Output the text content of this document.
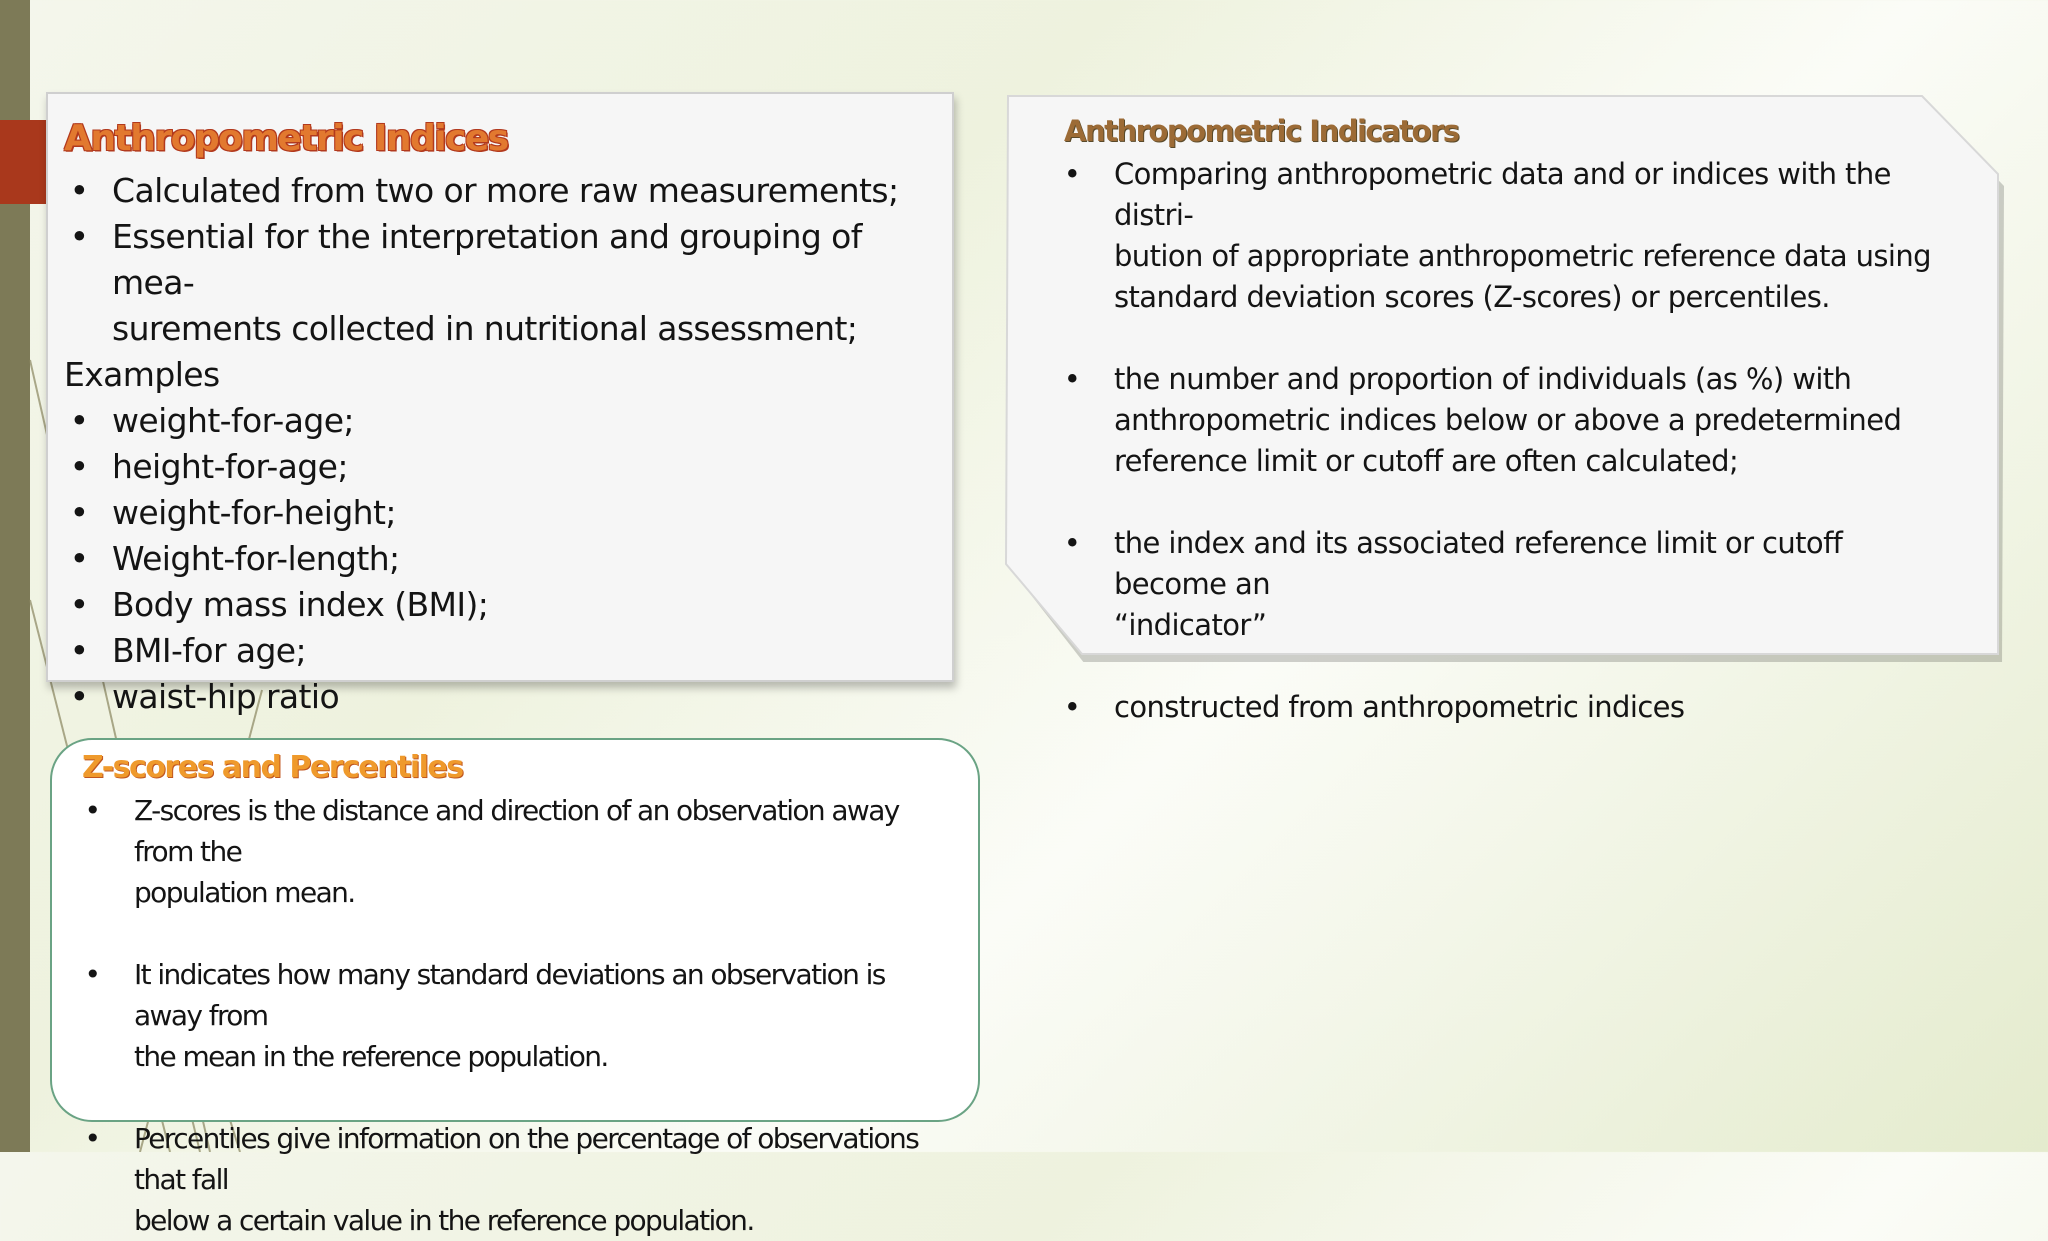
Anthropometric Indices
• Calculated from two or more raw measurements;
• Essential for the interpretation and grouping of mea-
surements collected in nutritional assessment;
Examples
• weight-for-age;
• height-for-age;
• weight-for-height;
• Weight-for-length;
• Body mass index (BMI);
• BMI-for age;
• waist-hip ratio
Anthropometric Indicators
• Comparing anthropometric data and or indices with the distri-
bution of appropriate anthropometric reference data using
standard deviation scores (Z-scores) or percentiles.
• the number and proportion of individuals (as %) with
anthropometric indices below or above a predetermined
reference limit or cutoff are often calculated;
• the index and its associated reference limit or cutoff become an
“indicator”
• constructed from anthropometric indices
Z-scores and Percentiles
• Z-scores is the distance and direction of an observation away from the
population mean.
• It indicates how many standard deviations an observation is away from
the mean in the reference population.
• Percentiles give information on the percentage of observations that fall
below a certain value in the reference population.
